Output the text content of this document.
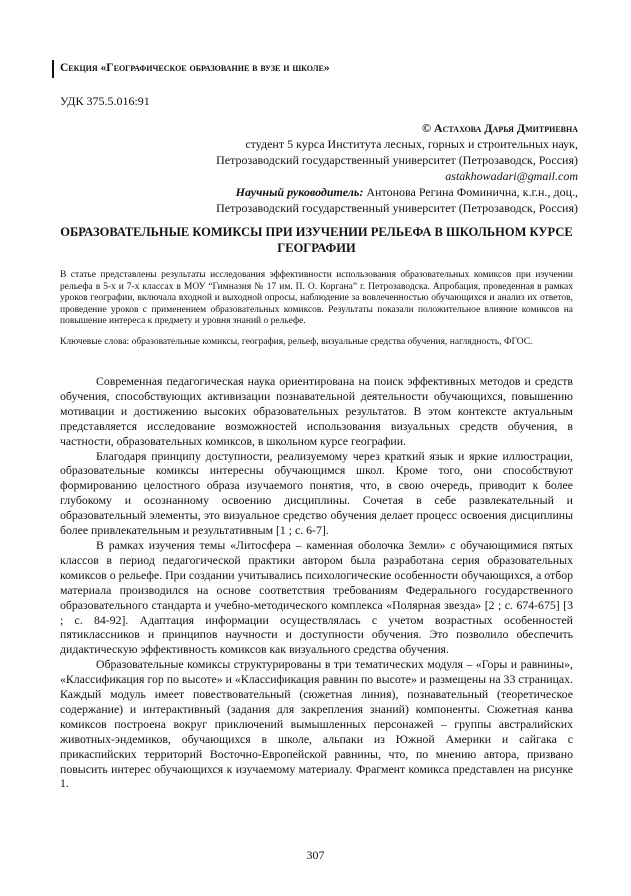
Секция «Географическое образование в вузе и школе»
УДК 375.5.016:91
© Астахова Дарья Дмитриевна
студент 5 курса Института лесных, горных и строительных наук,
Петрозаводский государственный университет (Петрозаводск, Россия)
astakhowadari@gmail.com
Научный руководитель: Антонова Регина Фоминична, к.г.н., доц.,
Петрозаводский государственный университет (Петрозаводск, Россия)
ОБРАЗОВАТЕЛЬНЫЕ КОМИКСЫ ПРИ ИЗУЧЕНИИ РЕЛЬЕФА В ШКОЛЬНОМ КУРСЕ ГЕОГРАФИИ
В статье представлены результаты исследования эффективности использования образовательных комиксов при изучении рельефа в 5-х и 7-х классах в МОУ “Гимназия № 17 им. П. О. Коргана” г. Петрозаводска. Апробация, проведенная в рамках уроков географии, включала входной и выходной опросы, наблюдение за вовлеченностью обучающихся и анализ их ответов, проведение уроков с применением образовательных комиксов. Результаты показали положительное влияние комиксов на повышение интереса к предмету и уровня знаний о рельефе.
Ключевые слова: образовательные комиксы, география, рельеф, визуальные средства обучения, наглядность, ФГОС.

Современная педагогическая наука ориентирована на поиск эффективных методов и средств обучения, способствующих активизации познавательной деятельности обучающихся, повышению мотивации и достижению высоких образовательных результатов. В этом контексте актуальным представляется исследование возможностей использования визуальных средств обучения, в частности, образовательных комиксов, в школьном курсе географии.

Благодаря принципу доступности, реализуемому через краткий язык и яркие иллюстрации, образовательные комиксы интересны обучающимся школ. Кроме того, они способствуют формированию целостного образа изучаемого понятия, что, в свою очередь, приводит к более глубокому и осознанному освоению дисциплины. Сочетая в себе развлекательный и образовательный элементы, это визуальное средство обучения делает процесс освоения дисциплины более привлекательным и результативным [1 ; с. 6-7].

В рамках изучения темы «Литосфера – каменная оболочка Земли» с обучающимися пятых классов в период педагогической практики автором была разработана серия образовательных комиксов о рельефе. При создании учитывались психологические особенности обучающихся, а отбор материала производился на основе соответствия требованиям Федерального государственного образовательного стандарта и учебно-методического комплекса «Полярная звезда» [2 ; с. 674-675] [3 ; с. 84-92]. Адаптация информации осуществлялась с учетом возрастных особенностей пятиклассников и принципов научности и доступности обучения. Это позволило обеспечить дидактическую эффективность комиксов как визуального средства обучения.

Образовательные комиксы структурированы в три тематических модуля – «Горы и равнины», «Классификация гор по высоте» и «Классификация равнин по высоте» и размещены на 33 страницах. Каждый модуль имеет повествовательный (сюжетная линия), познавательный (теоретическое содержание) и интерактивный (задания для закрепления знаний) компоненты. Сюжетная канва комиксов построена вокруг приключений вымышленных персонажей – группы австралийских животных-эндемиков, обучающихся в школе, альпаки из Южной Америки и сайгака с прикаспийских территорий Восточно-Европейской равнины, что, по мнению автора, призвано повысить интерес обучающихся к изучаемому материалу. Фрагмент комикса представлен на рисунке 1.

307
